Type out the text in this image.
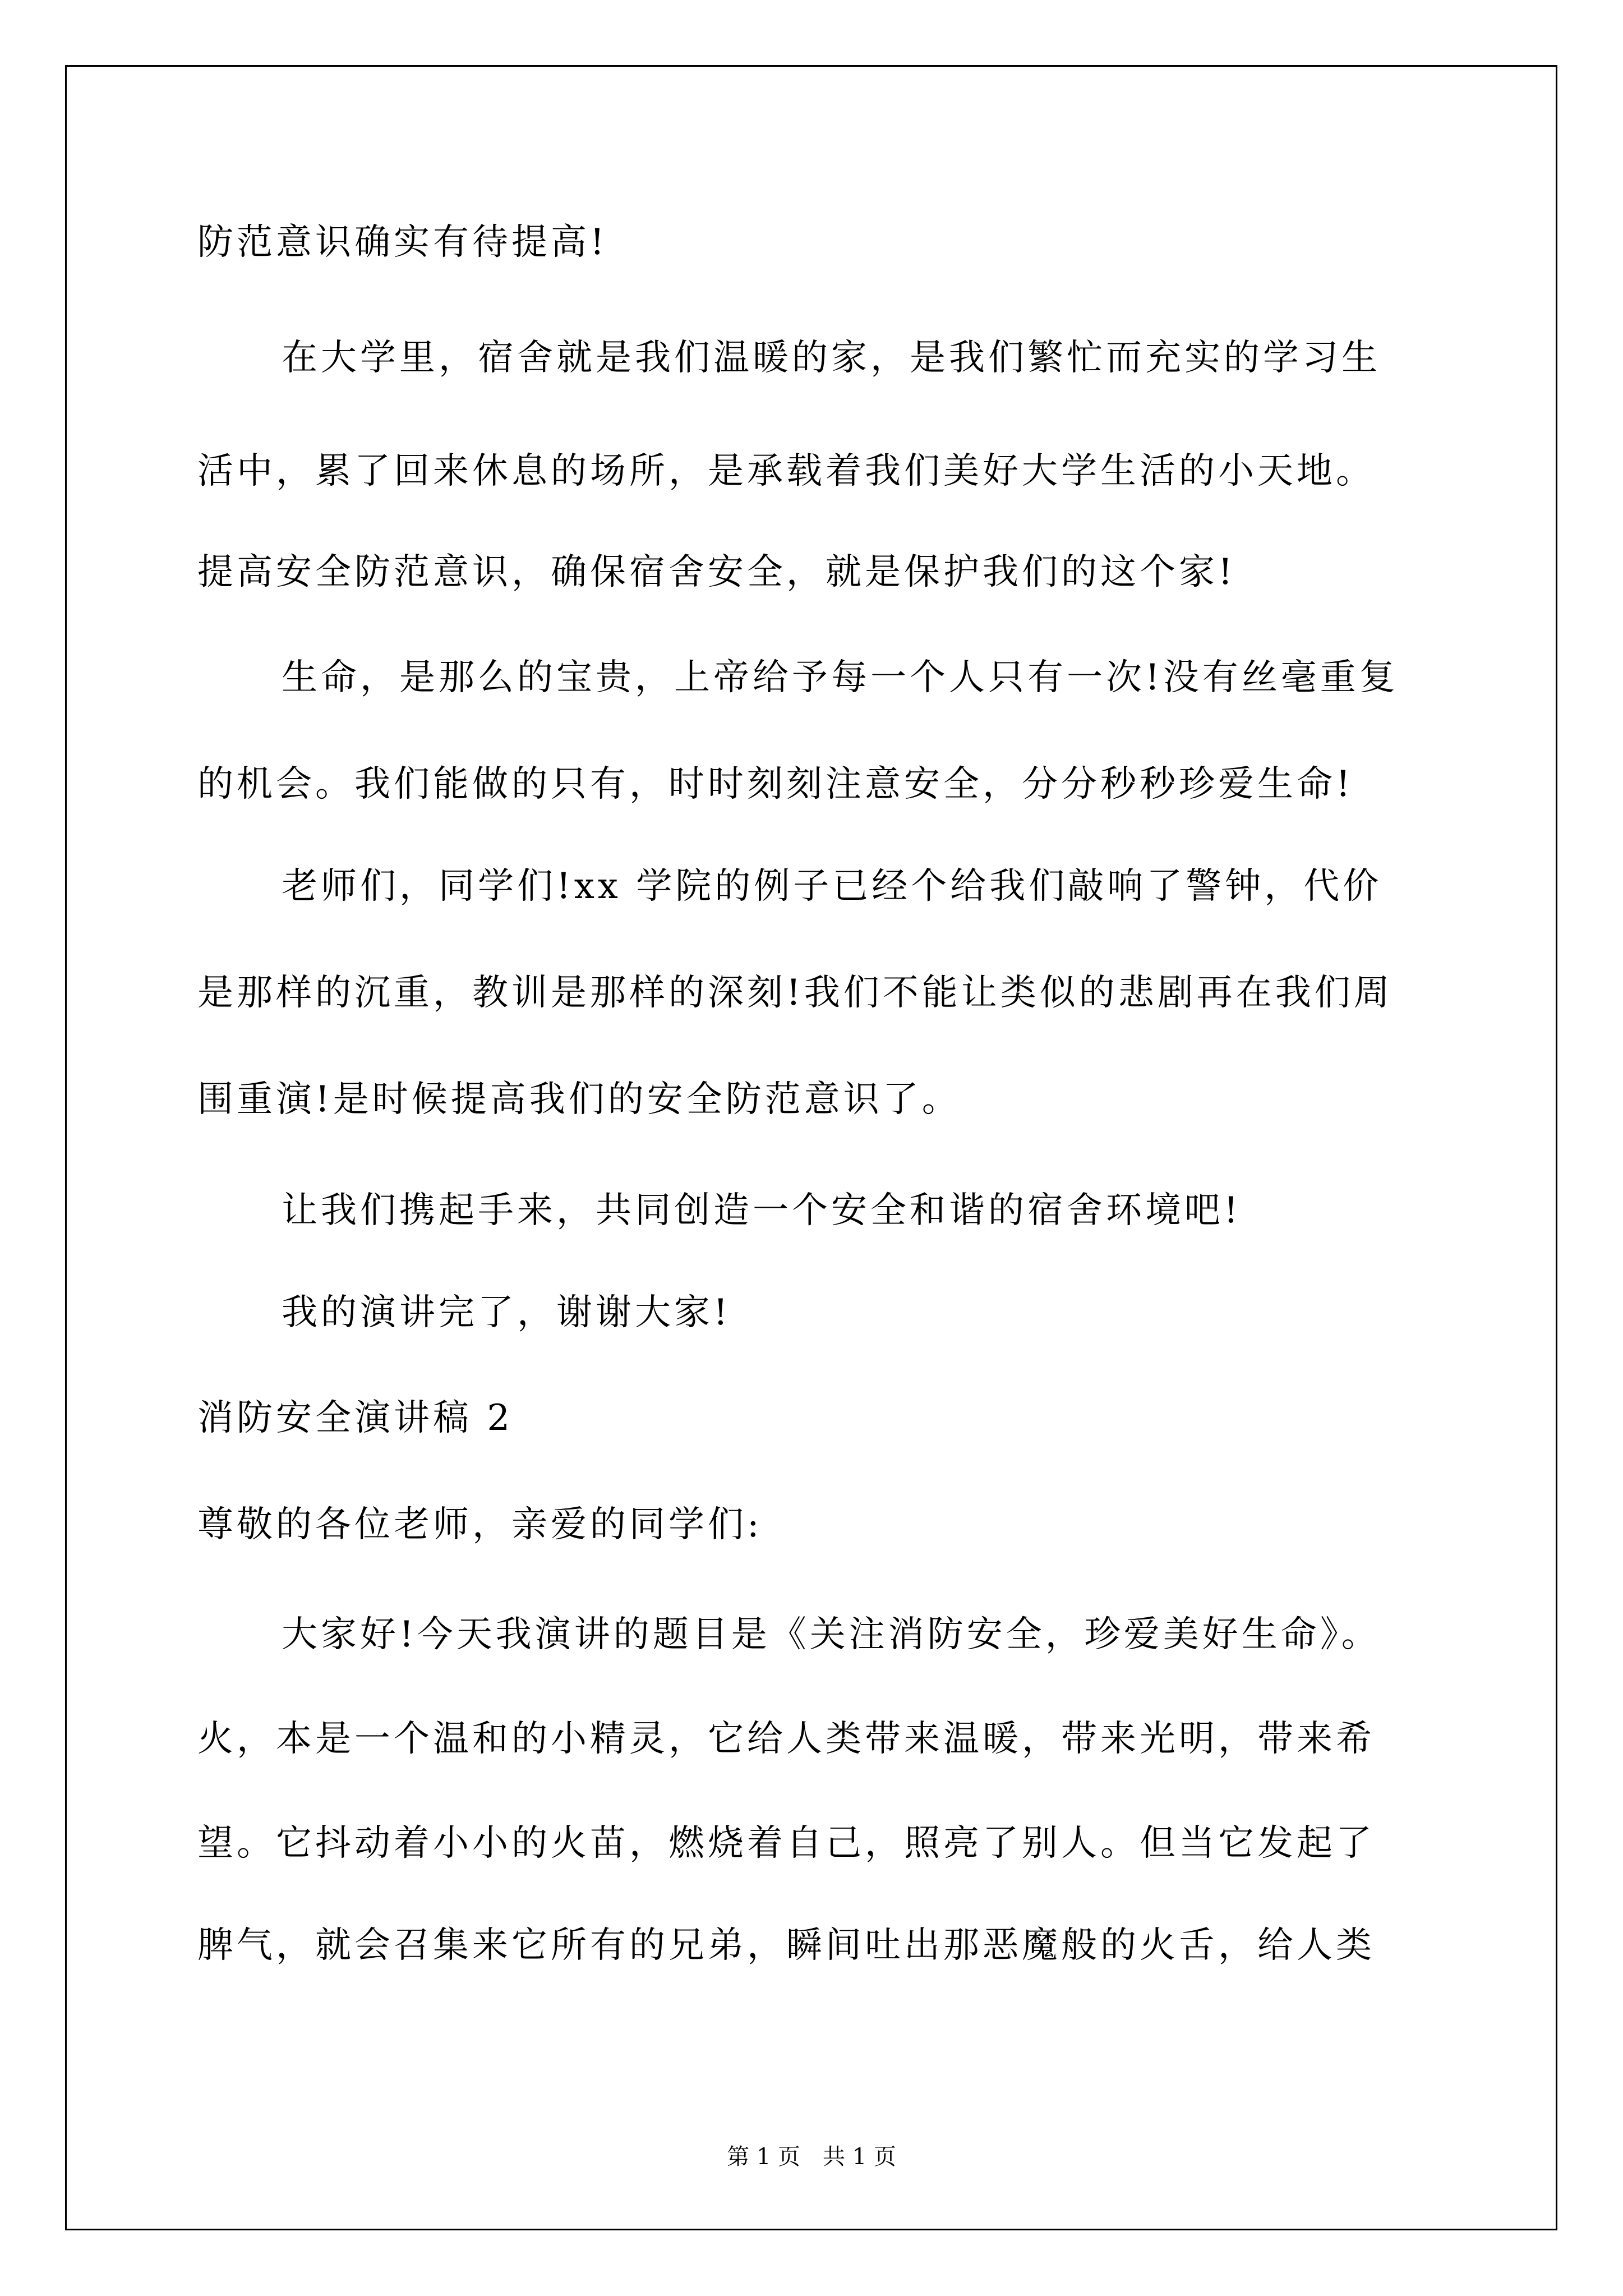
防范意识确实有待提高!
在大学里，宿舍就是我们温暖的家，是我们繁忙而充实的学习生
活中，累了回来休息的场所，是承载着我们美好大学生活的小天地。
提高安全防范意识，确保宿舍安全，就是保护我们的这个家!
生命，是那么的宝贵，上帝给予每一个人只有一次!没有丝毫重复
的机会。我们能做的只有，时时刻刻注意安全，分分秒秒珍爱生命!
老师们，同学们!xx 学院的例子已经个给我们敲响了警钟，代价
是那样的沉重，教训是那样的深刻!我们不能让类似的悲剧再在我们周
围重演!是时候提高我们的安全防范意识了。
让我们携起手来，共同创造一个安全和谐的宿舍环境吧!
我的演讲完了，谢谢大家!
消防安全演讲稿 2
尊敬的各位老师，亲爱的同学们:
大家好!今天我演讲的题目是《关注消防安全，珍爱美好生命》。
火，本是一个温和的小精灵，它给人类带来温暖，带来光明，带来希
望。它抖动着小小的火苗，燃烧着自己，照亮了别人。但当它发起了
脾气，就会召集来它所有的兄弟，瞬间吐出那恶魔般的火舌，给人类
第 1 页 共 1 页
